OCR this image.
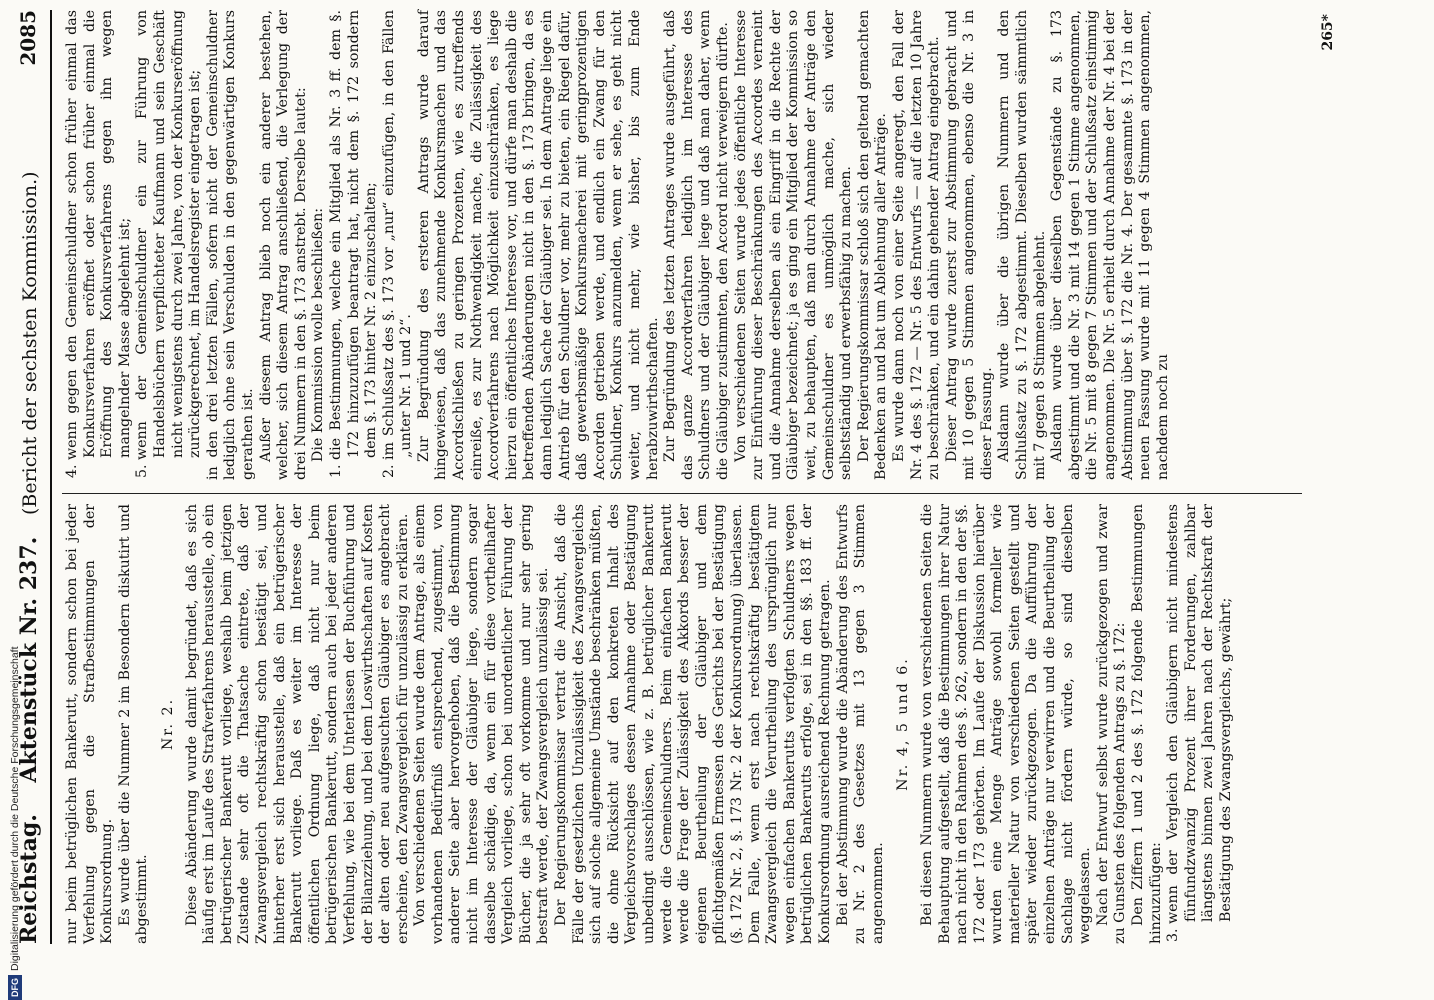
Reichstag.
Aktenstück Nr. 237. (Bericht der sechsten Kommission.)
2085

nur beim betrüglichen Bankerutt, sondern schon bei jeder Verfehlung gegen die Strafbestimmungen der Konkursordnung. Es wurde über die Nummer 2 im Besondern diskutirt und abgestimmt.

Nr. 2. Diese Abänderung wurde damit begründet, daß es sich häufig erst im Laufe des Strafverfahrens herausstelle, ob ein betrügerischer Bankerutt vorliege, weshalb beim jetzigen Zustande sehr oft die Thatsache eintrete, daß der Zwangsvergleich rechtskräftig schon bestätigt sei, und hinterher erst sich herausstelle, daß ein betrügerischer Bankerutt vorliege. Daß es weiter im Interesse der öffentlichen Ordnung liege, daß nicht nur beim betrügerischen Bankerutt, sondern auch bei jeder anderen Verfehlung, wie bei dem Unterlassen der Buchführung und der Bilanzziehung, und bei dem Loswirthschaften auf Kosten der alten oder neu aufgesuchten Gläubiger es angebracht erscheine, den Zwangsvergleich für unzulässig zu erklären. Von verschiedenen Seiten wurde dem Antrage, als einem vorhandenen Bedürfniß entsprechend, zugestimmt, von anderer Seite aber hervorgehoben, daß die Bestimmung nicht im Interesse der Gläubiger liege, sondern sogar dasselbe schädige, da, wenn ein für diese vortheilhafter Vergleich vorliege, schon bei unordentlicher Führung der Bücher, die ja sehr oft vorkomme und nur sehr gering bestraft werde, der Zwangsvergleich unzulässig sei. Der Regierungskommissar vertrat die Ansicht, daß die Fälle der gesetzlichen Unzulässigkeit des Zwangsvergleichs sich auf solche allgemeine Umstände beschränken müßten, die ohne Rücksicht auf den konkreten Inhalt des Vergleichsvorschlages dessen Annahme oder Bestätigung unbedingt ausschlössen, wie z. B. betrüglicher Bankerutt werde die Gemeinschuldners. Beim einfachen Bankerutt werde die Frage der Zulässigkeit des Akkords besser der eigenen Beurtheilung der Gläubiger und dem pflichtgemäßen Ermessen des Gerichts bei der Bestätigung (§. 172 Nr. 2, §. 173 Nr. 2 der Konkursordnung) überlassen. Dem Falle, wenn erst nach rechtskräftig bestätigtem Zwangsvergleich die Verurtheilung des ursprünglich nur wegen einfachen Bankerutts verfolgten Schuldners wegen betrüglichen Bankerutts erfolge, sei in den §§. 183 ff. der Konkursordnung ausreichend Rechnung getragen. Bei der Abstimmung wurde die Abänderung des Entwurfs zu Nr. 2 des Gesetzes mit 13 gegen 3 Stimmen angenommen.

Nr. 4, 5 und 6. Bei diesen Nummern wurde von verschiedenen Seiten die Behauptung aufgestellt, daß die Bestimmungen ihrer Natur nach nicht in den Rahmen des §. 262, sondern in den der §§. 172 oder 173 gehörten. Im Laufe der Diskussion hierüber wurden eine Menge Anträge sowohl formeller wie materieller Natur von verschiedenen Seiten gestellt und später wieder zurückgezogen. Da die Aufführung der einzelnen Anträge nur verwirren und die Beurtheilung der Sachlage nicht fördern würde, so sind dieselben weggelassen. Nach der Entwurf selbst wurde zurückgezogen und zwar zu Gunsten des folgenden Antrags zu §. 172: Den Ziffern 1 und 2 des §. 172 folgende Bestimmungen hinzuzufügen: 3.wenn der Vergleich den Gläubigern nicht mindestens fünfundzwanzig Prozent ihrer Forderungen, zahlbar längstens binnen zwei Jahren nach der Rechtskraft der Bestätigung des Zwangsvergleichs, gewährt;

4.wenn gegen den Gemeinschuldner schon früher einmal das Konkursverfahren eröffnet oder schon früher einmal die Eröffnung des Konkursverfahrens gegen ihn wegen mangelnder Masse abgelehnt ist;

5.wenn der Gemeinschuldner ein zur Führung von Handelsbüchern verpflichteter Kaufmann und sein Geschäft nicht wenigstens durch zwei Jahre, von der Konkurseröffnung zurückgerechnet, im Handelsregister eingetragen ist; in den drei letzten Fällen, sofern nicht der Gemeinschuldner lediglich ohne sein Verschulden in den gegenwärtigen Konkurs gerathen ist. Außer diesem Antrag blieb noch ein anderer bestehen, welcher, sich diesem Antrag anschließend, die Verlegung der drei Nummern in den §. 173 anstrebt. Derselbe lautet: Die Kommission wolle beschließen:

1.die Bestimmungen, welche ein Mitglied als Nr. 3 ff. dem §. 172 hinzuzufügen beantragt hat, nicht dem §. 172 sondern dem §. 173 hinter Nr. 2 einzuschalten;

2.im Schlußsatz des §. 173 vor „nur“ einzufügen, in den Fällen „unter Nr. 1 und 2“. Zur Begründung des ersteren Antrags wurde darauf hingewiesen, daß das zunehmende Konkursmachen und das Accordschließen zu geringen Prozenten, wie es zutreffends einreiße, es zur Nothwendigkeit mache, die Zulässigkeit des Accordverfahrens nach Möglichkeit einzuschränken, es liege hierzu ein öffentliches Interesse vor, und dürfe man deshalb die betreffenden Abänderungen nicht in den §. 173 bringen, da es dann lediglich Sache der Gläubiger sei. In dem Antrage liege ein Antrieb für den Schuldner vor, mehr zu bieten, ein Riegel dafür, daß gewerbsmäßige Konkursmacherei mit geringprozentigen Accorden getrieben werde, und endlich ein Zwang für den Schuldner, Konkurs anzumelden, wenn er sehe, es geht nicht weiter, und nicht mehr, wie bisher, bis zum Ende herabzuwirthschaften. Zur Begründung des letzten Antrages wurde ausgeführt, daß das ganze Accordverfahren lediglich im Interesse des Schuldners und der Gläubiger liege und daß man daher, wenn die Gläubiger zustimmten, den Accord nicht verweigern dürfte. Von verschiedenen Seiten wurde jedes öffentliche Interesse zur Einführung dieser Beschränkungen des Accordes verneint und die Annahme derselben als ein Eingriff in die Rechte der Gläubiger bezeichnet; ja es ging ein Mitglied der Kommission so weit, zu behaupten, daß man durch Annahme der Anträge den Gemeinschuldner es unmöglich mache, sich wieder selbstständig und erwerbsfähig zu machen. Der Regierungskommissar schloß sich den geltend gemachten Bedenken an und bat um Ablehnung aller Anträge. Es wurde dann noch von einer Seite angeregt, den Fall der Nr. 4 des §. 172 — Nr. 5 des Entwurfs — auf die letzten 10 Jahre zu beschränken, und ein dahin gehender Antrag eingebracht. Dieser Antrag wurde zuerst zur Abstimmung gebracht und mit 10 gegen 5 Stimmen angenommen, ebenso die Nr. 3 in dieser Fassung. Alsdann wurde über die übrigen Nummern und den Schlußsatz zu §. 172 abgestimmt. Dieselben wurden sämmtlich mit 7 gegen 8 Stimmen abgelehnt. Alsdann wurde über dieselben Gegenstände zu §. 173 abgestimmt und die Nr. 3 mit 14 gegen 1 Stimme angenommen, die Nr. 5 mit 8 gegen 7 Stimmen und der Schlußsatz einstimmig angenommen. Die Nr. 5 erhielt durch Annahme der Nr. 4 bei der Abstimmung über §. 172 die Nr. 4. Der gesammte §. 173 in der neuen Fassung wurde mit 11 gegen 4 Stimmen angenommen, nachdem noch zu

265*
DFGDigitalisierung gefördert durch die Deutsche Forschungsgemeinschaft
